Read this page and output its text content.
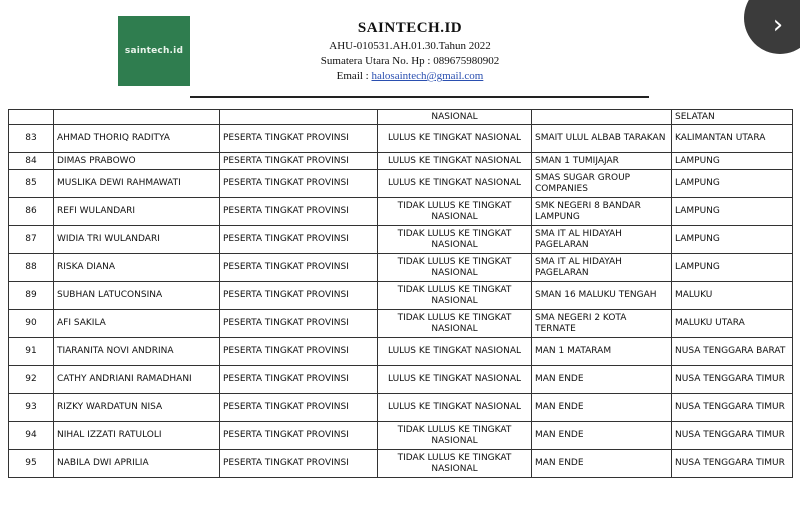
saintech.id
SAINTECH.ID
AHU-010531.AH.01.30.Tahun 2022
Sumatera Utara No. Hp : 089675980902
Email : halosaintech@gmail.com
›
			NASIONAL		SELATAN
83	AHMAD THORIQ RADITYA	PESERTA TINGKAT PROVINSI	LULUS KE TINGKAT NASIONAL	SMAIT ULUL ALBAB TARAKAN	KALIMANTAN UTARA
84	DIMAS PRABOWO	PESERTA TINGKAT PROVINSI	LULUS KE TINGKAT NASIONAL	SMAN 1 TUMIJAJAR	LAMPUNG
85	MUSLIKA DEWI RAHMAWATI	PESERTA TINGKAT PROVINSI	LULUS KE TINGKAT NASIONAL	SMAS SUGAR GROUP COMPANIES	LAMPUNG
86	REFI WULANDARI	PESERTA TINGKAT PROVINSI	TIDAK LULUS KE TINGKAT NASIONAL	SMK NEGERI 8 BANDAR LAMPUNG	LAMPUNG
87	WIDIA TRI WULANDARI	PESERTA TINGKAT PROVINSI	TIDAK LULUS KE TINGKAT NASIONAL	SMA IT AL HIDAYAH PAGELARAN	LAMPUNG
88	RISKA DIANA	PESERTA TINGKAT PROVINSI	TIDAK LULUS KE TINGKAT NASIONAL	SMA IT AL HIDAYAH PAGELARAN	LAMPUNG
89	SUBHAN LATUCONSINA	PESERTA TINGKAT PROVINSI	TIDAK LULUS KE TINGKAT NASIONAL	SMAN 16 MALUKU TENGAH	MALUKU
90	AFI SAKILA	PESERTA TINGKAT PROVINSI	TIDAK LULUS KE TINGKAT NASIONAL	SMA NEGERI 2 KOTA TERNATE	MALUKU UTARA
91	TIARANITA NOVI ANDRINA	PESERTA TINGKAT PROVINSI	LULUS KE TINGKAT NASIONAL	MAN 1 MATARAM	NUSA TENGGARA BARAT
92	CATHY ANDRIANI RAMADHANI	PESERTA TINGKAT PROVINSI	LULUS KE TINGKAT NASIONAL	MAN ENDE	NUSA TENGGARA TIMUR
93	RIZKY WARDATUN NISA	PESERTA TINGKAT PROVINSI	LULUS KE TINGKAT NASIONAL	MAN ENDE	NUSA TENGGARA TIMUR
94	NIHAL IZZATI RATULOLI	PESERTA TINGKAT PROVINSI	TIDAK LULUS KE TINGKAT NASIONAL	MAN ENDE	NUSA TENGGARA TIMUR
95	NABILA DWI APRILIA	PESERTA TINGKAT PROVINSI	TIDAK LULUS KE TINGKAT NASIONAL	MAN ENDE	NUSA TENGGARA TIMUR
